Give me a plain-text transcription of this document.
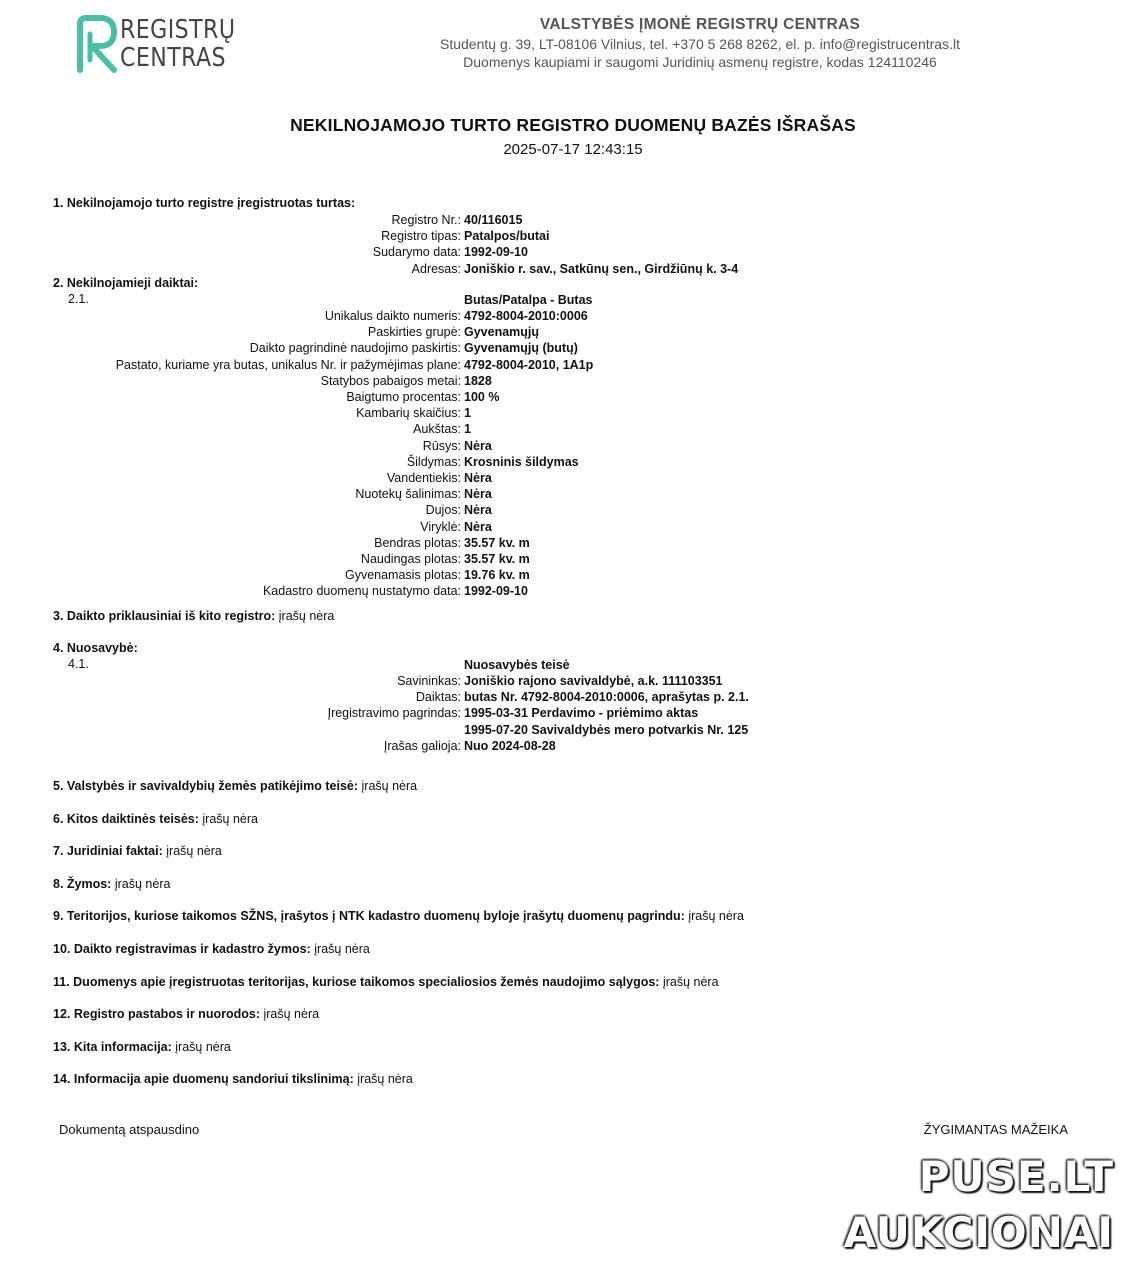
REGISTRŲ
CENTRAS
VALSTYBĖS ĮMONĖ REGISTRŲ CENTRAS
Studentų g. 39, LT-08106 Vilnius, tel. +370 5 268 8262, el. p. info@registrucentras.lt
Duomenys kaupiami ir saugomi Juridinių asmenų registre, kodas 124110246
NEKILNOJAMOJO TURTO REGISTRO DUOMENŲ BAZĖS IŠRAŠAS
2025-07-17 12:43:15
1. Nekilnojamojo turto registre įregistruotas turtas:
Registro Nr.: 40/116015
Registro tipas: Patalpos/butai
Sudarymo data: 1992-09-10
Adresas: Joniškio r. sav., Satkūnų sen., Girdžiūnų k. 3-4
2. Nekilnojamieji daiktai:
2.1.	Butas/Patalpa - Butas
Unikalus daikto numeris: 4792-8004-2010:0006
Paskirties grupė: Gyvenamųjų
Daikto pagrindinė naudojimo paskirtis: Gyvenamųjų (butų)
Pastato, kuriame yra butas, unikalus Nr. ir pažymėjimas plane: 4792-8004-2010, 1A1p
Statybos pabaigos metai: 1828
Baigtumo procentas: 100 %
Kambarių skaičius: 1
Aukštas: 1
Rūsys: Nėra
Šildymas: Krosninis šildymas
Vandentiekis: Nėra
Nuotekų šalinimas: Nėra
Dujos: Nėra
Viryklė: Nėra
Bendras plotas: 35.57 kv. m
Naudingas plotas: 35.57 kv. m
Gyvenamasis plotas: 19.76 kv. m
Kadastro duomenų nustatymo data: 1992-09-10
3. Daikto priklausiniai iš kito registro: įrašų nėra
4. Nuosavybė:
4.1.	Nuosavybės teisė
Savininkas: Joniškio rajono savivaldybė, a.k. 111103351
Daiktas: butas Nr. 4792-8004-2010:0006, aprašytas p. 2.1.
Įregistravimo pagrindas: 1995-03-31 Perdavimo - priėmimo aktas
1995-07-20 Savivaldybės mero potvarkis Nr. 125
Įrašas galioja: Nuo 2024-08-28
5. Valstybės ir savivaldybių žemės patikėjimo teisė: įrašų nėra
6. Kitos daiktinės teisės: įrašų nėra
7. Juridiniai faktai: įrašų nėra
8. Žymos: įrašų nėra
9. Teritorijos, kuriose taikomos SŽNS, įrašytos į NTK kadastro duomenų byloje įrašytų duomenų pagrindu: įrašų nėra
10. Daikto registravimas ir kadastro žymos: įrašų nėra
11. Duomenys apie įregistruotas teritorijas, kuriose taikomos specialiosios žemės naudojimo sąlygos: įrašų nėra
12. Registro pastabos ir nuorodos: įrašų nėra
13. Kita informacija: įrašų nėra
14. Informacija apie duomenų sandoriui tikslinimą: įrašų nėra
Dokumentą atspausdino	ŽYGIMANTAS MAŽEIKA
PUSE.LT
AUKCIONAI
